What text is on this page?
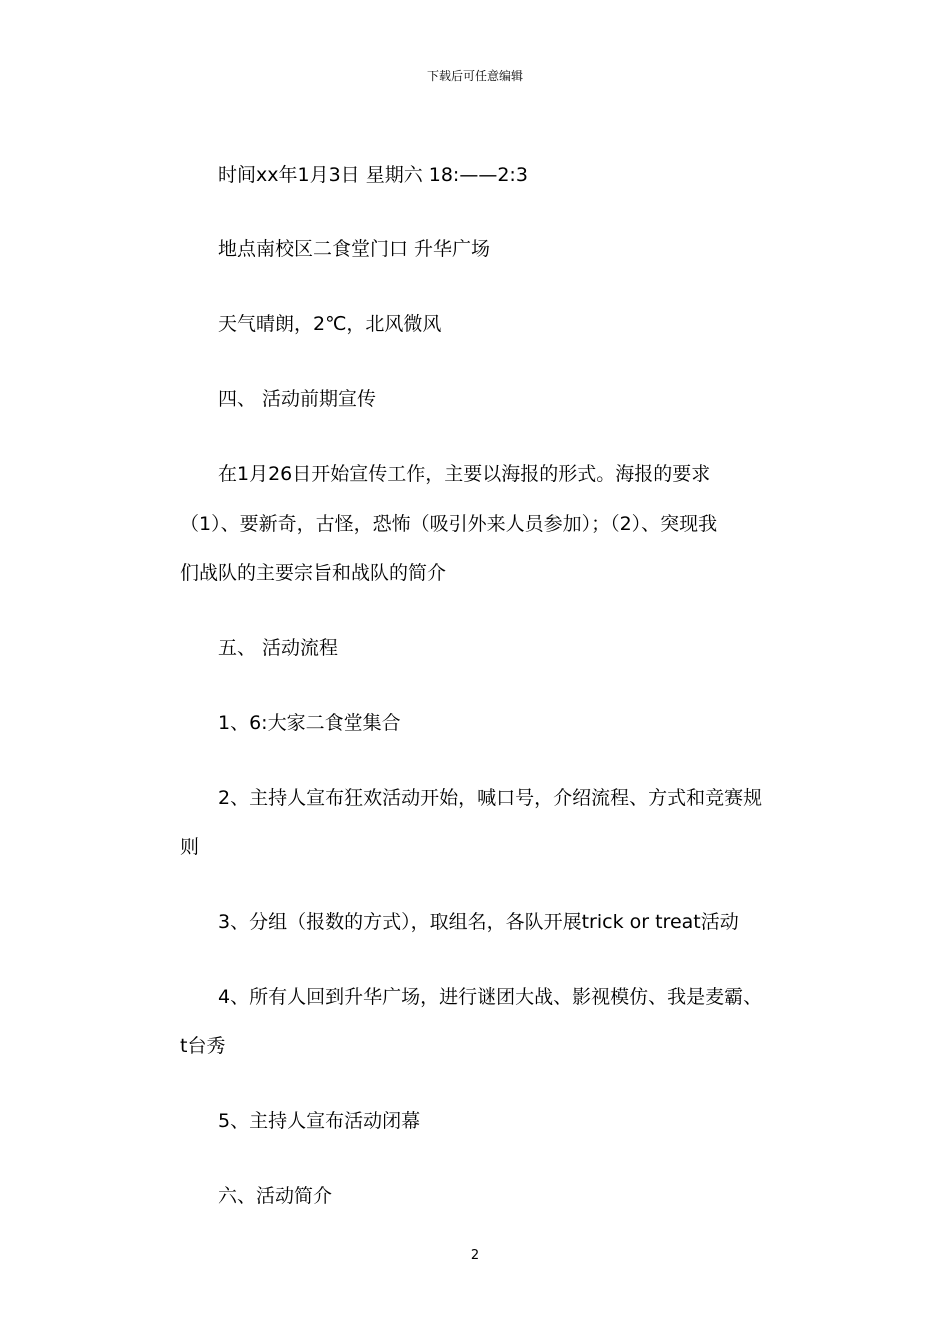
下载后可任意编辑
时间xx年1月3日 星期六 18:——2:3
地点南校区二食堂门口 升华广场
天气晴朗，2℃，北风微风
四、 活动前期宣传
在1月26日开始宣传工作，主要以海报的形式。海报的要求
（1）、要新奇，古怪，恐怖（吸引外来人员参加）；（2）、突现我
们战队的主要宗旨和战队的简介
五、 活动流程
1、6:大家二食堂集合
2、主持人宣布狂欢活动开始，喊口号，介绍流程、方式和竞赛规
则
3、分组（报数的方式），取组名，各队开展trick or treat活动
4、所有人回到升华广场，进行谜团大战、影视模仿、我是麦霸、
t台秀
5、主持人宣布活动闭幕
六、活动简介
2
